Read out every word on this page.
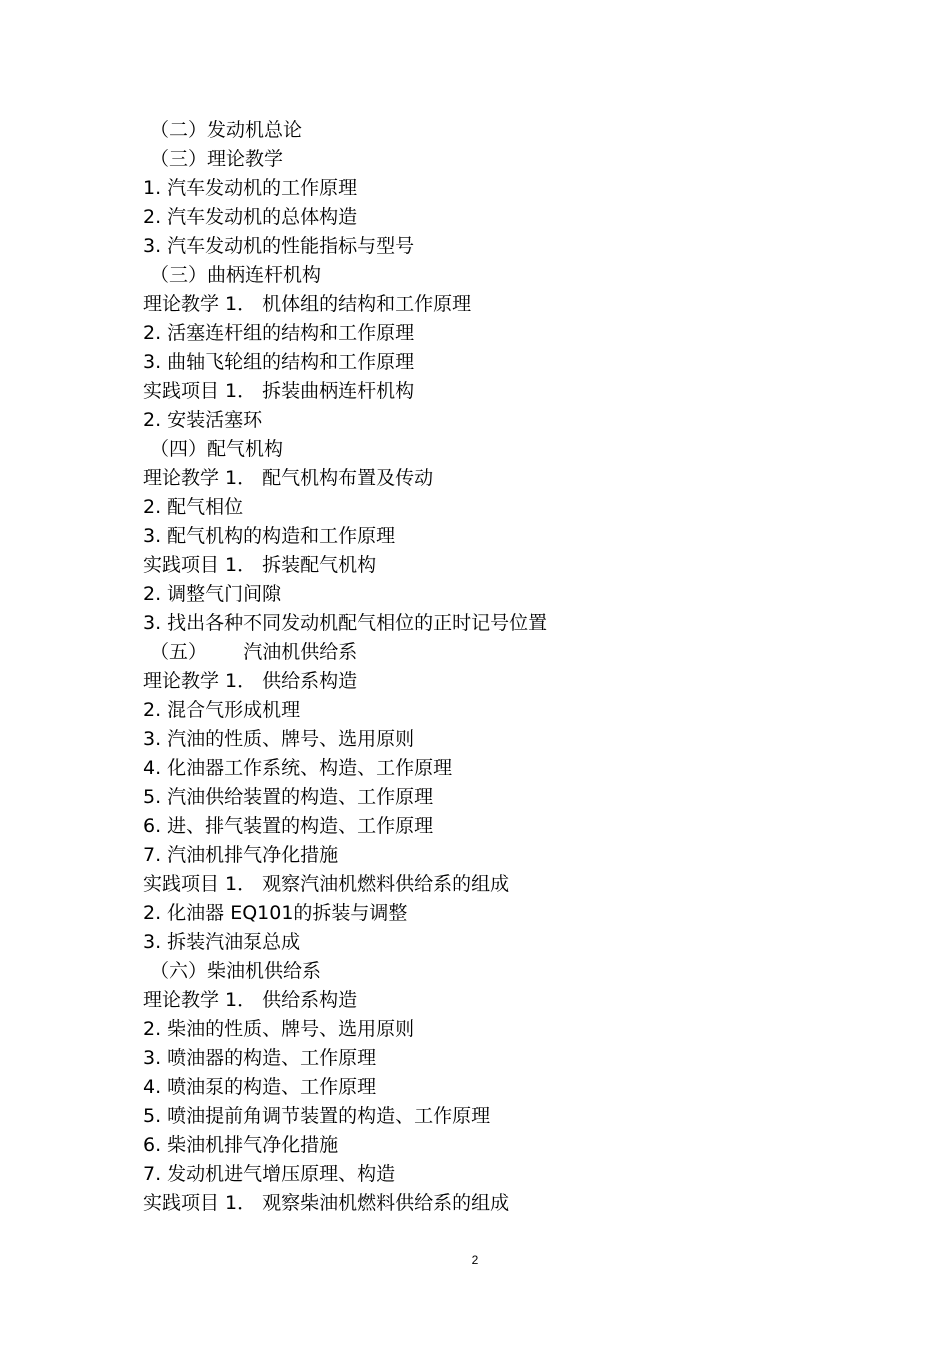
（二）发动机总论
（三）理论教学
1. 汽车发动机的工作原理
2. 汽车发动机的总体构造
3. 汽车发动机的性能指标与型号
（三）曲柄连杆机构
理论教学 1． 机体组的结构和工作原理
2. 活塞连杆组的结构和工作原理
3. 曲轴飞轮组的结构和工作原理
实践项目 1． 拆装曲柄连杆机构
2. 安装活塞环
（四）配气机构
理论教学 1． 配气机构布置及传动
2. 配气相位
3. 配气机构的构造和工作原理
实践项目 1． 拆装配气机构
2. 调整气门间隙
3. 找出各种不同发动机配气相位的正时记号位置
（五）      汽油机供给系
理论教学 1． 供给系构造
2. 混合气形成机理
3. 汽油的性质、牌号、选用原则
4. 化油器工作系统、构造、工作原理
5. 汽油供给装置的构造、工作原理
6. 进、排气装置的构造、工作原理
7. 汽油机排气净化措施
实践项目 1． 观察汽油机燃料供给系的组成
2. 化油器 EQ101的拆装与调整
3. 拆装汽油泵总成
（六）柴油机供给系
理论教学 1． 供给系构造
2. 柴油的性质、牌号、选用原则
3. 喷油器的构造、工作原理
4. 喷油泵的构造、工作原理
5. 喷油提前角调节装置的构造、工作原理
6. 柴油机排气净化措施
7. 发动机进气增压原理、构造
实践项目 1． 观察柴油机燃料供给系的组成
2
